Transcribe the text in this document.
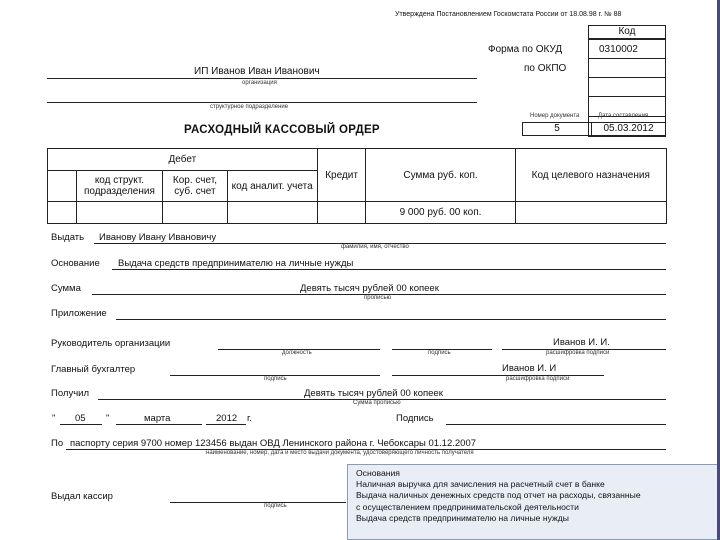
Утверждена Постановлением Госкомстата России от 18.08.98 г. № 88
Код
0310002
Форма по ОКУД
по ОКПО
ИП Иванов Иван Иванович
организация
структурное подразделение
РАСХОДНЫЙ КАССОВЫЙ ОРДЕР
Номер документа	Дата составления
5	05.03.2012
Дебет				Кредит	Сумма руб. коп.	Код целевого назначения
	код структ. подразделения	Кор. счет, суб. счет	код аналит. учета			
					9 000 руб. 00 коп.	
Выдать Иванову Ивану Ивановичу
фамилия, имя, отчество
Основание Выдача средств предпринимателю на личные нужды
Сумма	Девять тысяч рублей 00 копеек
прописью
Приложение
Руководитель организации	Иванов И. И.
должность	подпись	расшифровка подписи
Главный бухгалтер	Иванов И. И
подпись	расшифровка подписи
Получил	Девять тысяч рублей 00 копеек
Сумма прописью
" 05 "	марта	2012 г.	Подпись
По паспорту серия 9700 номер 123456 выдан ОВД Ленинского района г. Чебоксары 01.12.2007
наименование, номер, дата и место выдачи документа, удостоверяющего личность получателя
Выдал кассир
подпись
Основания
Наличная выручка для зачисления на расчетный счет в банке
Выдача наличных денежных средств под отчет на расходы, связанные
с осуществлением предпринимательской деятельности
Выдача средств предпринимателю на личные нужды
